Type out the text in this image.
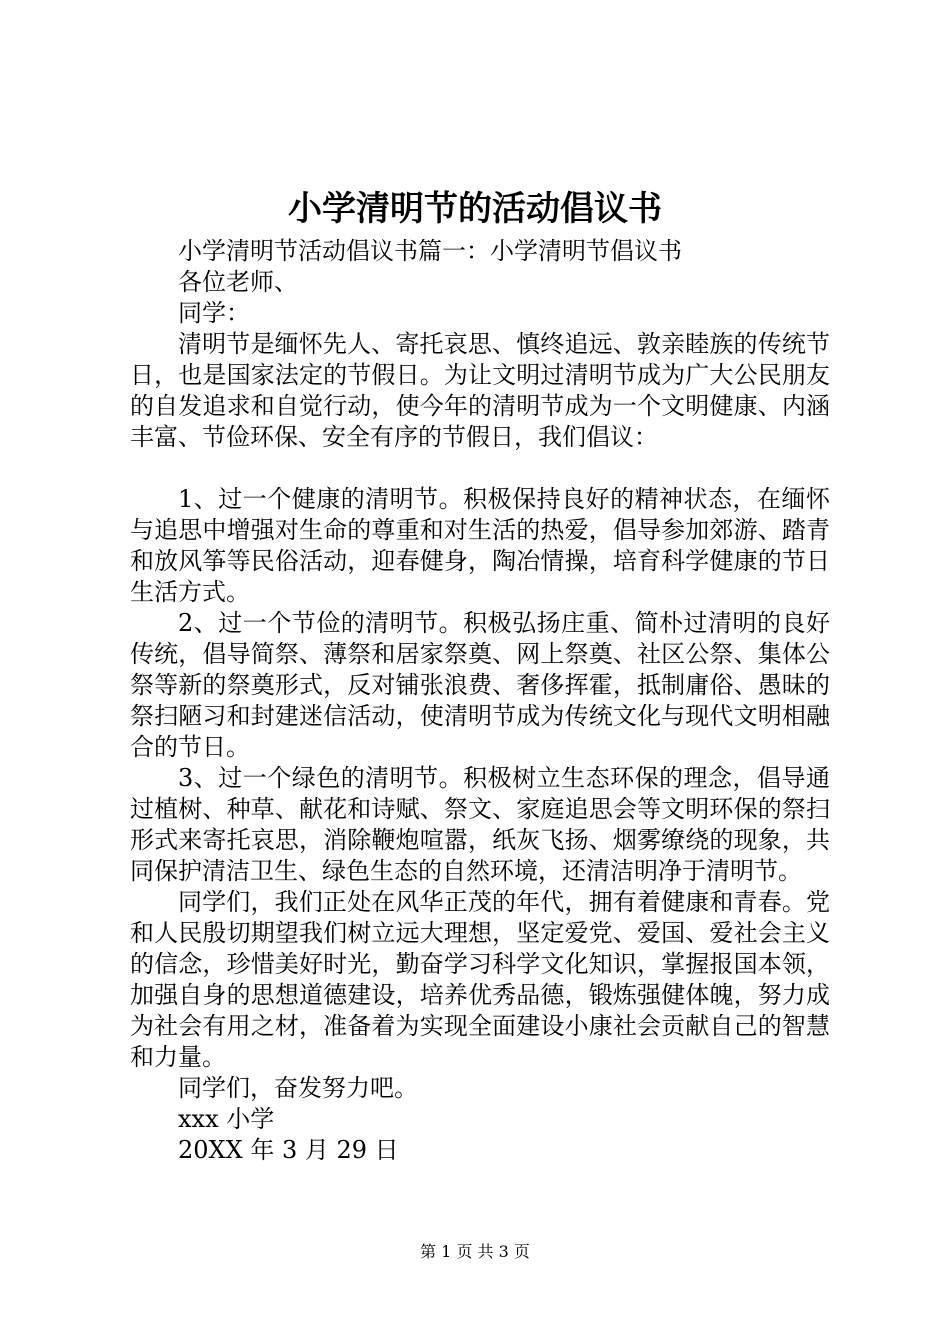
小学清明节的活动倡议书

小学清明节活动倡议书篇一：小学清明节倡议书

各位老师、

同学：

清明节是缅怀先人、寄托哀思、慎终追远、敦亲睦族的传统节日，也是国家法定的节假日。为让文明过清明节成为广大公民朋友的自发追求和自觉行动，使今年的清明节成为一个文明健康、内涵丰富、节俭环保、安全有序的节假日，我们倡议：

1、过一个健康的清明节。积极保持良好的精神状态，在缅怀与追思中增强对生命的尊重和对生活的热爱，倡导参加郊游、踏青和放风筝等民俗活动，迎春健身，陶冶情操，培育科学健康的节日生活方式。

2、过一个节俭的清明节。积极弘扬庄重、简朴过清明的良好传统，倡导简祭、薄祭和居家祭奠、网上祭奠、社区公祭、集体公祭等新的祭奠形式，反对铺张浪费、奢侈挥霍，抵制庸俗、愚昧的祭扫陋习和封建迷信活动，使清明节成为传统文化与现代文明相融合的节日。

3、过一个绿色的清明节。积极树立生态环保的理念，倡导通过植树、种草、献花和诗赋、祭文、家庭追思会等文明环保的祭扫形式来寄托哀思，消除鞭炮喧嚣，纸灰飞扬、烟雾缭绕的现象，共同保护清洁卫生、绿色生态的自然环境，还清洁明净于清明节。

同学们，我们正处在风华正茂的年代，拥有着健康和青春。党和人民殷切期望我们树立远大理想，坚定爱党、爱国、爱社会主义的信念，珍惜美好时光，勤奋学习科学文化知识，掌握报国本领，加强自身的思想道德建设，培养优秀品德，锻炼强健体魄，努力成为社会有用之材，准备着为实现全面建设小康社会贡献自己的智慧和力量。

同学们，奋发努力吧。

xxx 小学

20XX 年 3 月 29 日

第 1 页 共 3 页
